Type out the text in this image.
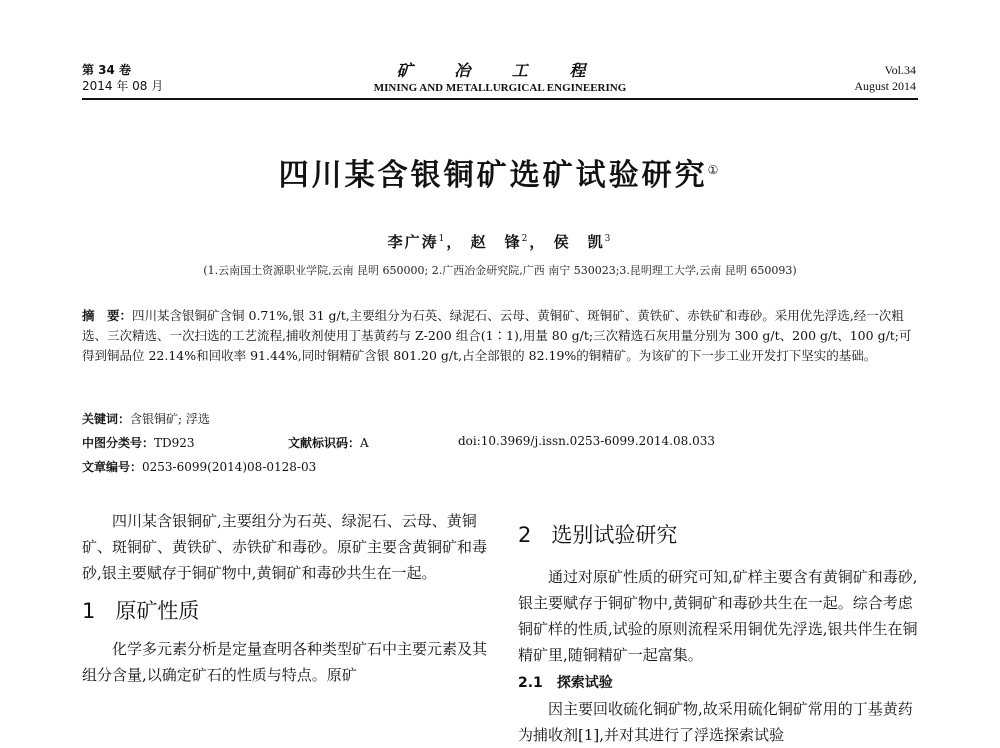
第 34 卷
2014 年 08 月
矿 冶 工 程
MINING AND METALLURGICAL ENGINEERING
Vol.34
August 2014
四川某含银铜矿选矿试验研究①
李广涛$^1$， 赵　锋$^2$， 侯　凯$^3$
(1.云南国土资源职业学院,云南 昆明 650000; 2.广西冶金研究院,广西 南宁 530023;3.昆明理工大学,云南 昆明 650093)
摘　要：四川某含银铜矿含铜 0.71%,银 31 g/t,主要组分为石英、绿泥石、云母、黄铜矿、斑铜矿、黄铁矿、赤铁矿和毒砂。采用优先浮选,经一次粗选、三次精选、一次扫选的工艺流程,捕收剂使用丁基黄药与 Z-200 组合(1∶1),用量 80 g/t;三次精选石灰用量分别为 300 g/t、200 g/t、100 g/t;可得到铜品位 22.14%和回收率 91.44%,同时铜精矿含银 801.20 g/t,占全部银的 82.19%的铜精矿。为该矿的下一步工业开发打下坚实的基础。
关键词：含银铜矿; 浮选
中图分类号：TD923	文献标识码：A	doi:10.3969/j.issn.0253-6099.2014.08.033
文章编号：0253-6099(2014)08-0128-03

四川某含银铜矿,主要组分为石英、绿泥石、云母、黄铜矿、斑铜矿、黄铁矿、赤铁矿和毒砂。原矿主要含黄铜矿和毒砂,银主要赋存于铜矿物中,黄铜矿和毒砂共生在一起。

1 原矿性质

化学多元素分析是定量查明各种类型矿石中主要元素及其组分含量,以确定矿石的性质与特点。原矿

2 选别试验研究

通过对原矿性质的研究可知,矿样主要含有黄铜矿和毒砂,银主要赋存于铜矿物中,黄铜矿和毒砂共生在一起。综合考虑铜矿样的性质,试验的原则流程采用铜优先浮选,银共伴生在铜精矿里,随铜精矿一起富集。

2.1 探索试验

因主要回收硫化铜矿物,故采用硫化铜矿常用的丁基黄药为捕收剂[1],并对其进行了浮选探索试验
